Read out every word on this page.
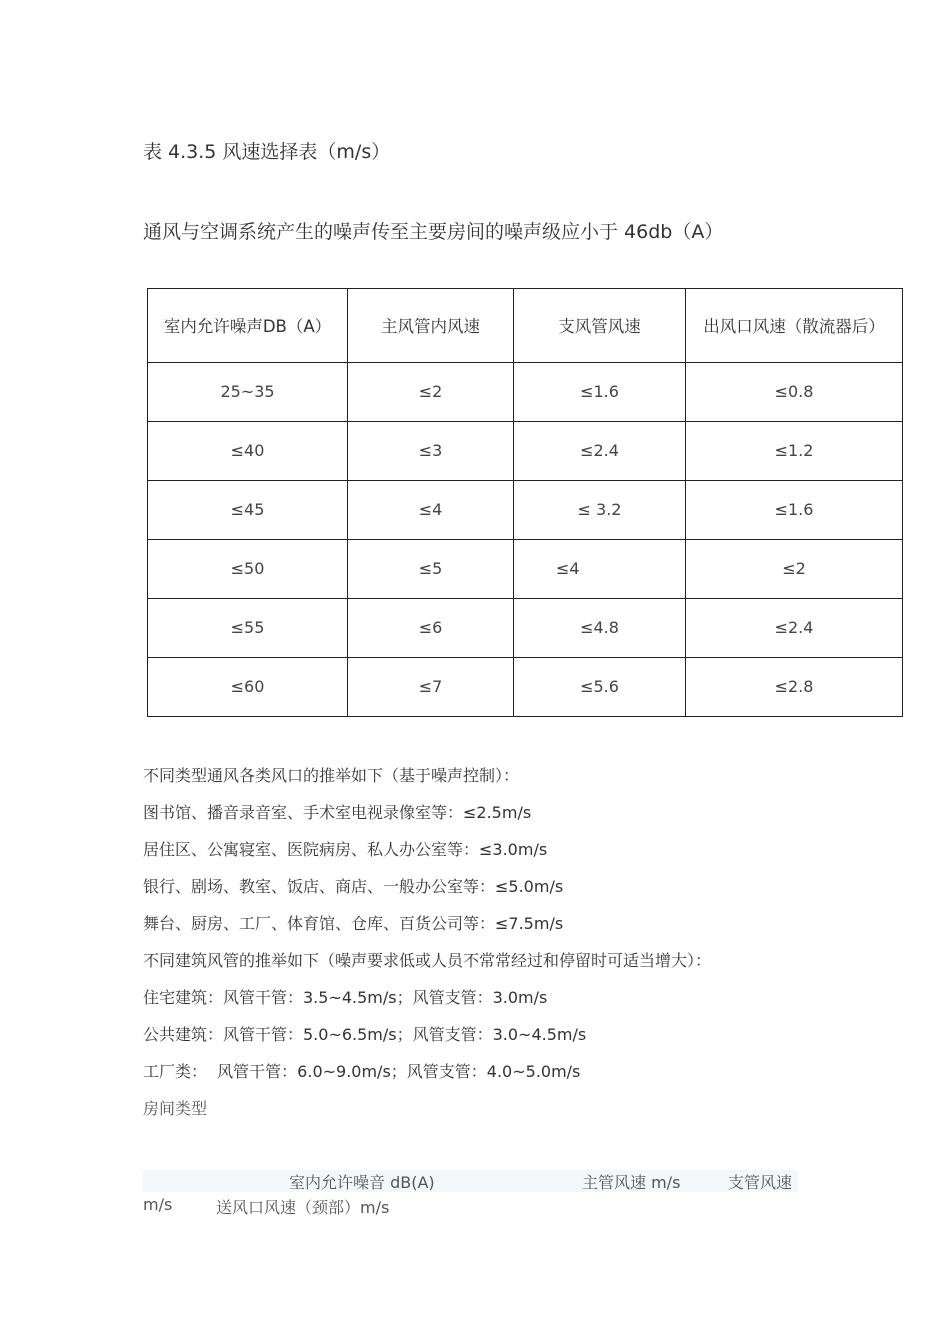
表 4.3.5 风速选择表（m/s）
通风与空调系统产生的噪声传至主要房间的噪声级应小于 46db（A）
室内允许噪声DB（A）	主风管内风速	支风管风速	出风口风速（散流器后）
25~35	≤2	≤1.6	≤0.8
≤40	≤3	≤2.4	≤1.2
≤45	≤4	≤ 3.2	≤1.6
≤50	≤5	≤4	≤2
≤55	≤6	≤4.8	≤2.4
≤60	≤7	≤5.6	≤2.8
不同类型通风各类风口的推举如下（基于噪声控制）：
图书馆、播音录音室、手术室电视录像室等：≤2.5m/s
居住区、公寓寝室、医院病房、私人办公室等：≤3.0m/s
银行、剧场、教室、饭店、商店、一般办公室等：≤5.0m/s
舞台、厨房、工厂、体育馆、仓库、百货公司等：≤7.5m/s
不同建筑风管的推举如下（噪声要求低或人员不常常经过和停留时可适当增大）：
住宅建筑：风管干管：3.5~4.5m/s；风管支管：3.0m/s
公共建筑：风管干管：5.0~6.5m/s；风管支管：3.0~4.5m/s
工厂类：  风管干管：6.0~9.0m/s；风管支管：4.0~5.0m/s
房间类型
室内允许噪音 dB(A)	主管风速 m/s	支管风速
m/s	送风口风速（颈部）m/s
